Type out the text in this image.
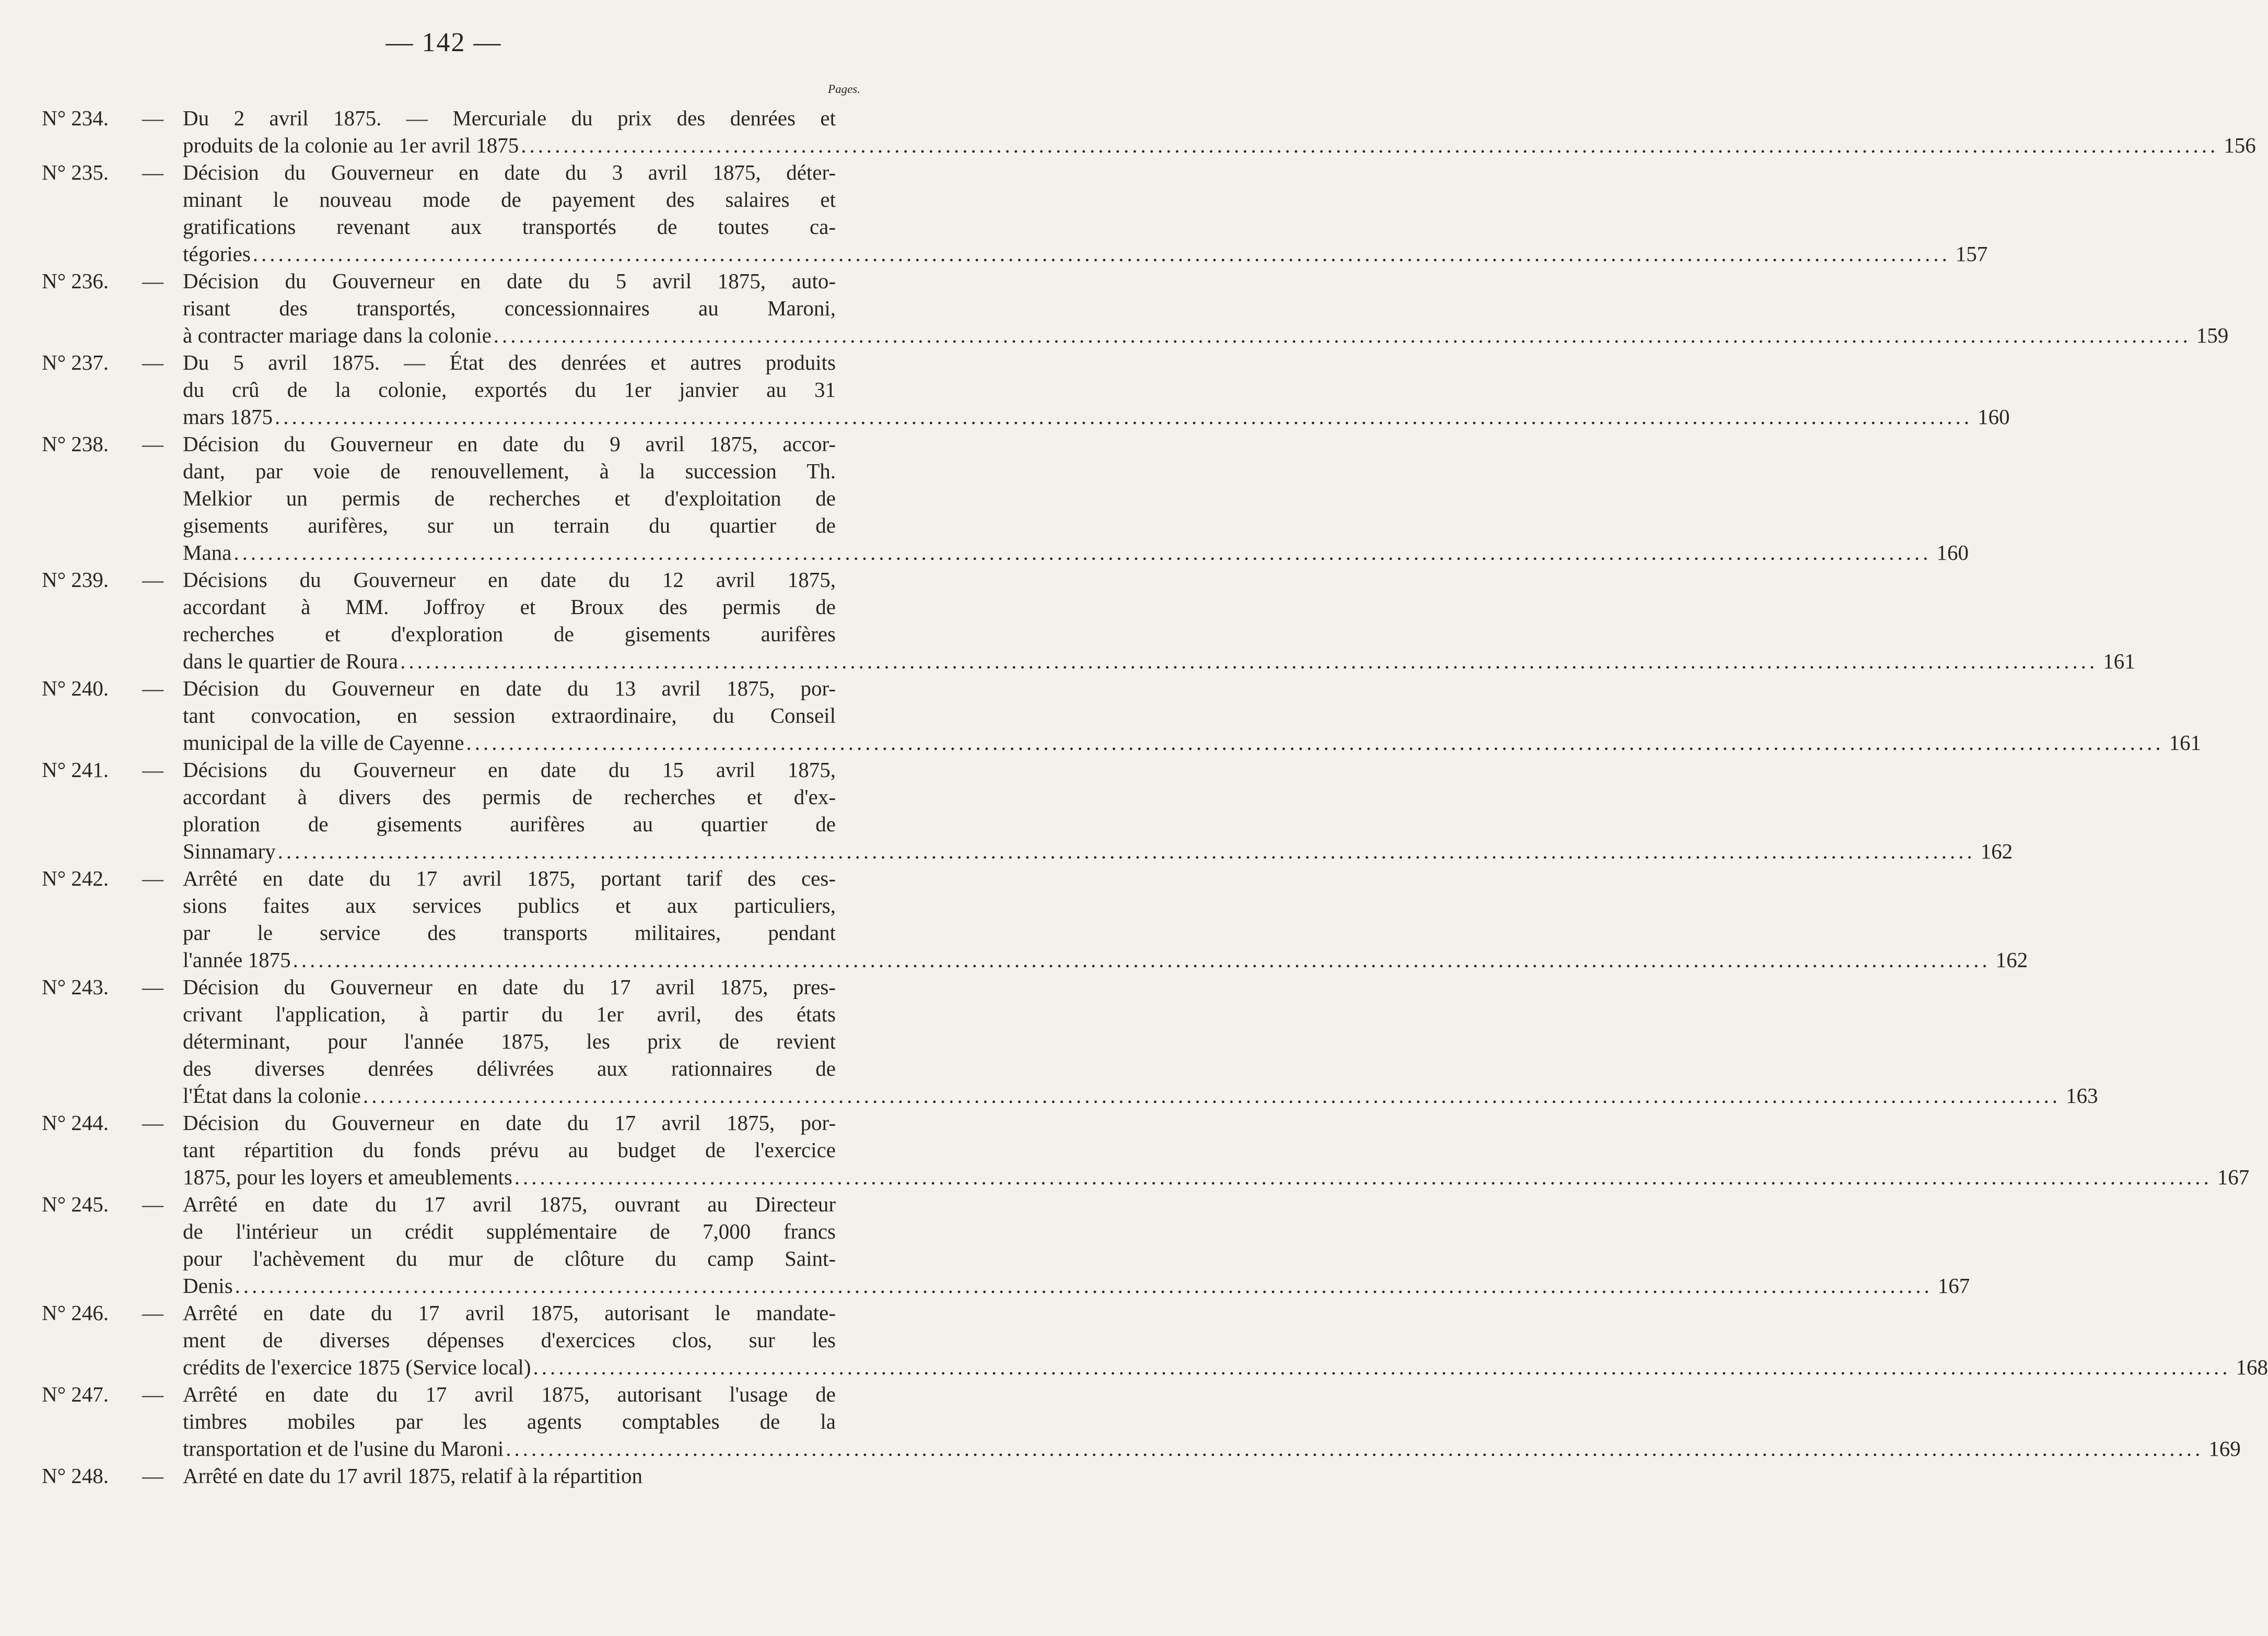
— 142 —
Pages.
N° 234.	— Du 2 avril 1875. — Mercuriale du prix des denrées et
produits de la colonie au 1er avril 1875 ........................................................................................................................................................................................................ 156
N° 235.	— Décision du Gouverneur en date du 3 avril 1875, déter-
minant le nouveau mode de payement des salaires et
gratifications revenant aux transportés de toutes ca-
tégories ........................................................................................................................................................................................................ 157
N° 236.	— Décision du Gouverneur en date du 5 avril 1875, auto-
risant des transportés, concessionnaires au Maroni,
à contracter mariage dans la colonie ........................................................................................................................................................................................................ 159
N° 237.	— Du 5 avril 1875. — État des denrées et autres produits
du crû de la colonie, exportés du 1er janvier au 31
mars 1875 ........................................................................................................................................................................................................ 160
N° 238.	— Décision du Gouverneur en date du 9 avril 1875, accor-
dant, par voie de renouvellement, à la succession Th.
Melkior un permis de recherches et d'exploitation de
gisements aurifères, sur un terrain du quartier de
Mana ........................................................................................................................................................................................................ 160
N° 239.	— Décisions du Gouverneur en date du 12 avril 1875,
accordant à MM. Joffroy et Broux des permis de
recherches et d'exploration de gisements aurifères
dans le quartier de Roura ........................................................................................................................................................................................................ 161
N° 240.	— Décision du Gouverneur en date du 13 avril 1875, por-
tant convocation, en session extraordinaire, du Conseil
municipal de la ville de Cayenne ........................................................................................................................................................................................................ 161
N° 241.	— Décisions du Gouverneur en date du 15 avril 1875,
accordant à divers des permis de recherches et d'ex-
ploration de gisements aurifères au quartier de
Sinnamary ........................................................................................................................................................................................................ 162
N° 242.	— Arrêté en date du 17 avril 1875, portant tarif des ces-
sions faites aux services publics et aux particuliers,
par le service des transports militaires, pendant
l'année 1875 ........................................................................................................................................................................................................ 162
N° 243.	— Décision du Gouverneur en date du 17 avril 1875, pres-
crivant l'application, à partir du 1er avril, des états
déterminant, pour l'année 1875, les prix de revient
des diverses denrées délivrées aux rationnaires de
l'État dans la colonie ........................................................................................................................................................................................................ 163
N° 244.	— Décision du Gouverneur en date du 17 avril 1875, por-
tant répartition du fonds prévu au budget de l'exercice
1875, pour les loyers et ameublements ........................................................................................................................................................................................................ 167
N° 245.	— Arrêté en date du 17 avril 1875, ouvrant au Directeur
de l'intérieur un crédit supplémentaire de 7,000 francs
pour l'achèvement du mur de clôture du camp Saint-
Denis ........................................................................................................................................................................................................ 167
N° 246.	— Arrêté en date du 17 avril 1875, autorisant le mandate-
ment de diverses dépenses d'exercices clos, sur les
crédits de l'exercice 1875 (Service local) ........................................................................................................................................................................................................ 168
N° 247.	— Arrêté en date du 17 avril 1875, autorisant l'usage de
timbres mobiles par les agents comptables de la
transportation et de l'usine du Maroni ........................................................................................................................................................................................................ 169
N° 248.	— Arrêté en date du 17 avril 1875, relatif à la répartition
